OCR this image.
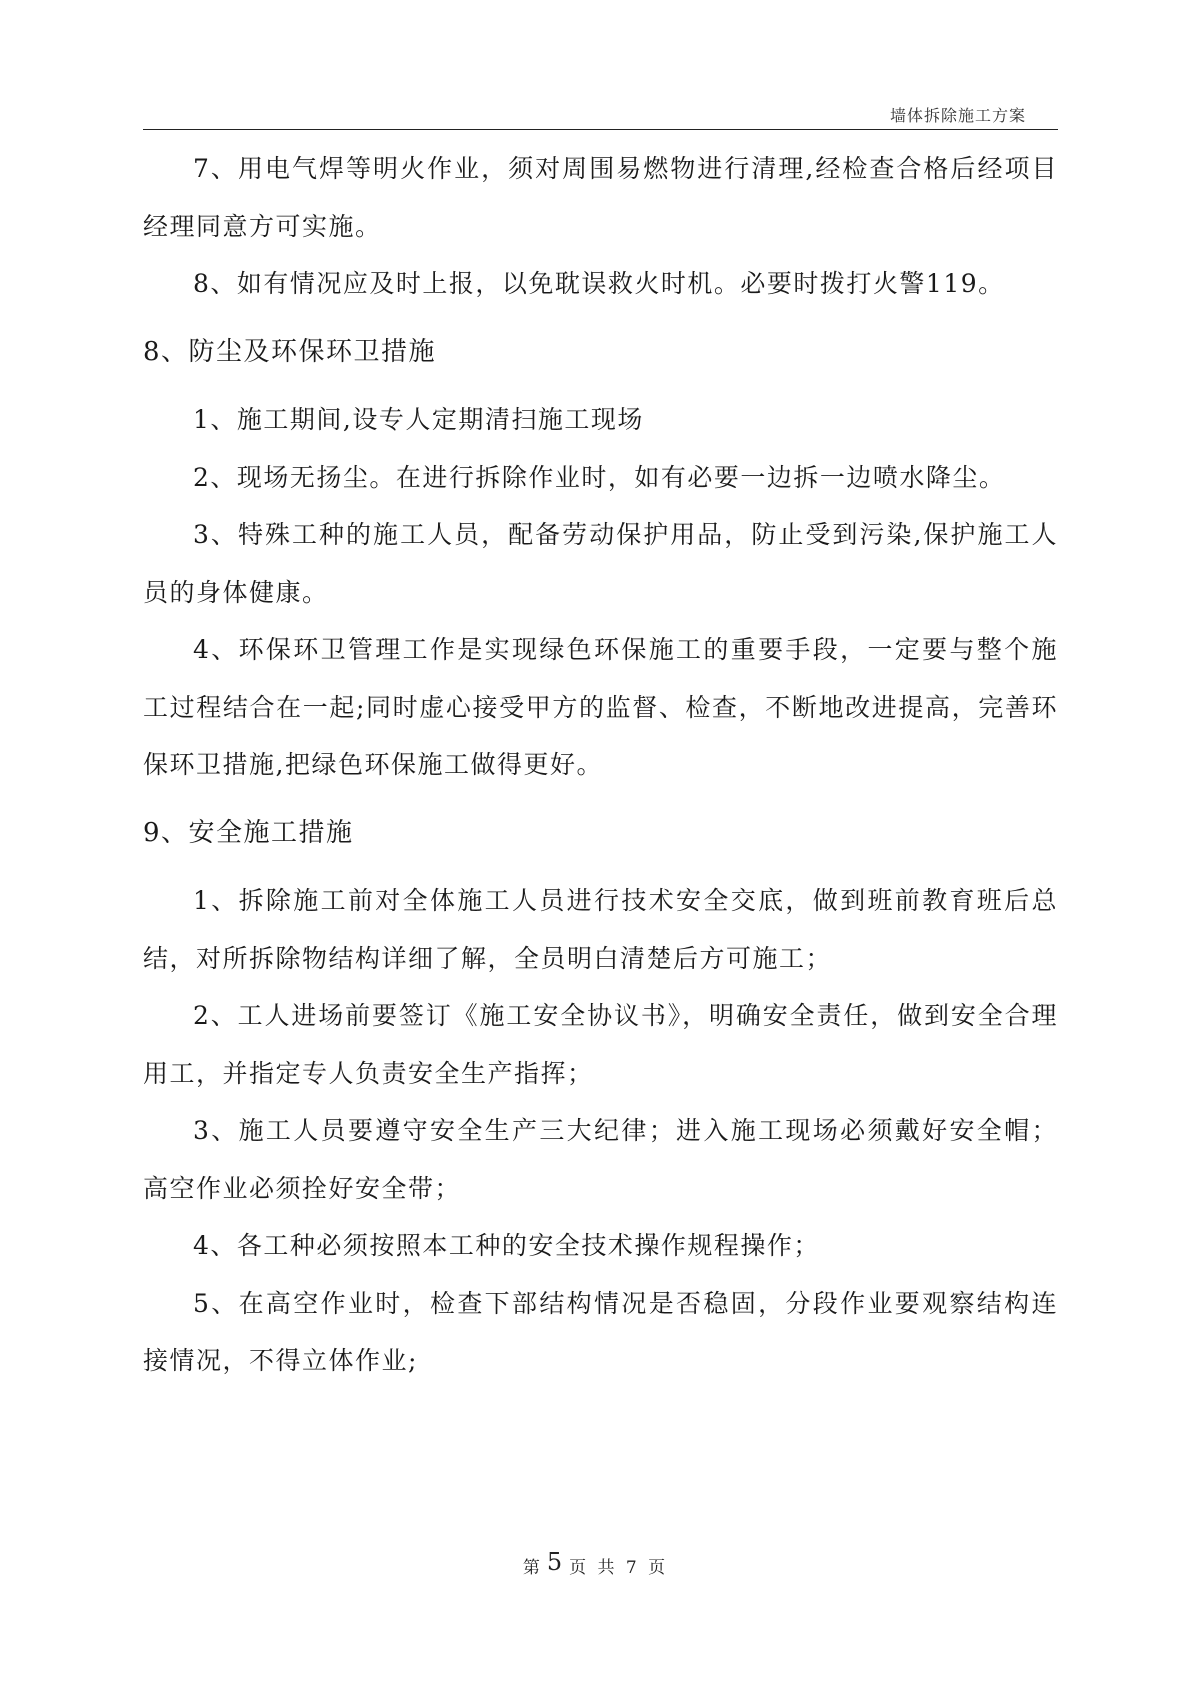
墙体拆除施工方案

7、用电气焊等明火作业，须对周围易燃物进行清理,经检查合格后经项目经理同意方可实施。

8、如有情况应及时上报，以免耽误救火时机。必要时拨打火警119。

8、防尘及环保环卫措施

1、施工期间,设专人定期清扫施工现场

2、现场无扬尘。在进行拆除作业时，如有必要一边拆一边喷水降尘。

3、特殊工种的施工人员，配备劳动保护用品，防止受到污染,保护施工人员的身体健康。

4、环保环卫管理工作是实现绿色环保施工的重要手段，一定要与整个施工过程结合在一起;同时虚心接受甲方的监督、检查，不断地改进提高，完善环保环卫措施,把绿色环保施工做得更好。

9、安全施工措施

1、拆除施工前对全体施工人员进行技术安全交底，做到班前教育班后总结，对所拆除物结构详细了解，全员明白清楚后方可施工；

2、工人进场前要签订《施工安全协议书》，明确安全责任，做到安全合理用工，并指定专人负责安全生产指挥；

3、施工人员要遵守安全生产三大纪律；进入施工现场必须戴好安全帽；高空作业必须拴好安全带；

4、各工种必须按照本工种的安全技术操作规程操作；

5、在高空作业时，检查下部结构情况是否稳固，分段作业要观察结构连接情况，不得立体作业;

第 5 页 共 7 页
